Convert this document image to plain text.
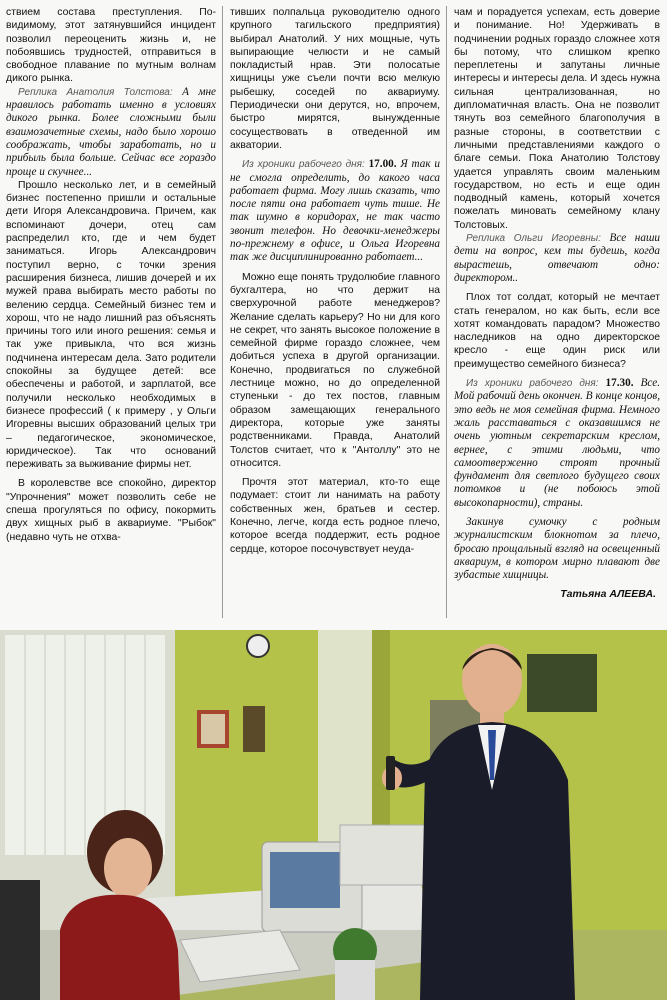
ствием состава преступления. По-видимому, этот затянувшийся инцидент позволил переоценить жизнь и, не побоявшись трудностей, отправиться в свободное плавание по мутным волнам дикого рынка.

Реплика Анатолия Толстова: А мне нравилось работать именно в условиях дикого рынка. Более сложными были взаимозачетные схемы, надо было хорошо соображать, чтобы заработать, но и прибыль была больше. Сейчас все гораздо проще и скучнее...

Прошло несколько лет, и в семейный бизнес постепенно пришли и остальные дети Игоря Александровича. Причем, как вспоминают дочери, отец сам распределил кто, где и чем будет заниматься. Игорь Александрович поступил верно, с точки зрения расширения бизнеса, лишив дочерей и их мужей права выбирать место работы по велению сердца. Семейный бизнес тем и хорош, что не надо лишний раз объяснять причины того или иного решения: семья и так уже привыкла, что вся жизнь подчинена интересам дела. Зато родители спокойны за будущее детей: все обеспечены и работой, и зарплатой, все получили несколько необходимых в бизнесе профессий ( к примеру , у Ольги Игоревны высших образований целых три – педагогическое, экономическое, юридическое). Так что оснований переживать за выживание фирмы нет.

В королевстве все спокойно, директор "Упрочнения" может позволить себе не спеша прогуляться по офису, покормить двух хищных рыб в аквариуме. "Рыбок" (недавно чуть не отхва-

тивших полпальца руководителю одного крупного тагильского предприятия) выбирал Анатолий. У них мощные, чуть выпирающие челюсти и не самый покладистый нрав. Эти полосатые хищницы уже съели почти всю мелкую рыбешку, соседей по аквариуму. Периодически они дерутся, но, впрочем, быстро мирятся, вынужденные сосуществовать в отведенной им акватории.

Из хроники рабочего дня: 17.00. Я так и не смогла определить, до какого часа работает фирма. Могу лишь сказать, что после пяти она работает чуть тише. Не так шумно в коридорах, не так часто звонит телефон. Но девочки-менеджеры по-прежнему в офисе, и Ольга Игоревна так же дисциплинированно работает...

Можно еще понять трудолюбие главного бухгалтера, но что держит на сверхурочной работе менеджеров? Желание сделать карьеру? Но ни для кого не секрет, что занять высокое положение в семейной фирме гораздо сложнее, чем добиться успеха в другой организации. Конечно, продвигаться по служебной лестнице можно, но до определенной ступеньки - до тех постов, главным образом замещающих генерального директора, которые уже заняты родственниками. Правда, Анатолий Толстов считает, что к "Антоллу" это не относится.

Прочтя этот материал, кто-то еще подумает: стоит ли нанимать на работу собственных жен, братьев и сестер. Конечно, легче, когда есть родное плечо, которое всегда поддержит, есть родное сердце, которое посочувствует неуда-

чам и порадуется успехам, есть доверие и понимание. Но! Удерживать в подчинении родных гораздо сложнее хотя бы потому, что слишком крепко переплетены и запутаны личные интересы и интересы дела. И здесь нужна сильная централизованная, но дипломатичная власть. Она не позволит тянуть воз семейного благополучия в разные стороны, в соответствии с личными представлениями каждого о благе семьи. Пока Анатолию Толстову удается управлять своим маленьким государством, но есть и еще один подводный камень, который хочется пожелать миновать семейному клану Толстовых.

Реплика Ольги Игоревны: Все наши дети на вопрос, кем ты будешь, когда вырастешь, отвечают одно: директором..

Плох тот солдат, который не мечтает стать генералом, но как быть, если все хотят командовать парадом? Множество наследников на одно директорское кресло - еще один риск или преимущество семейного бизнеса?

Из хроники рабочего дня: 17.30. Все. Мой рабочий день окончен. В конце концов, это ведь не моя семейная фирма. Немного жаль расставаться с оказавшимся не очень уютным секретарским креслом, вернее, с этими людьми, что самоотверженно строят прочный фундамент для светлого будущего своих потомков и (не побоюсь этой высокопарности), страны.

Закинув сумочку с родным журналистским блокнотом за плечо, бросаю прощальный взгляд на освещенный аквариум, в котором мирно плавают две зубастые хищницы.

Татьяна АЛЕЕВА.
